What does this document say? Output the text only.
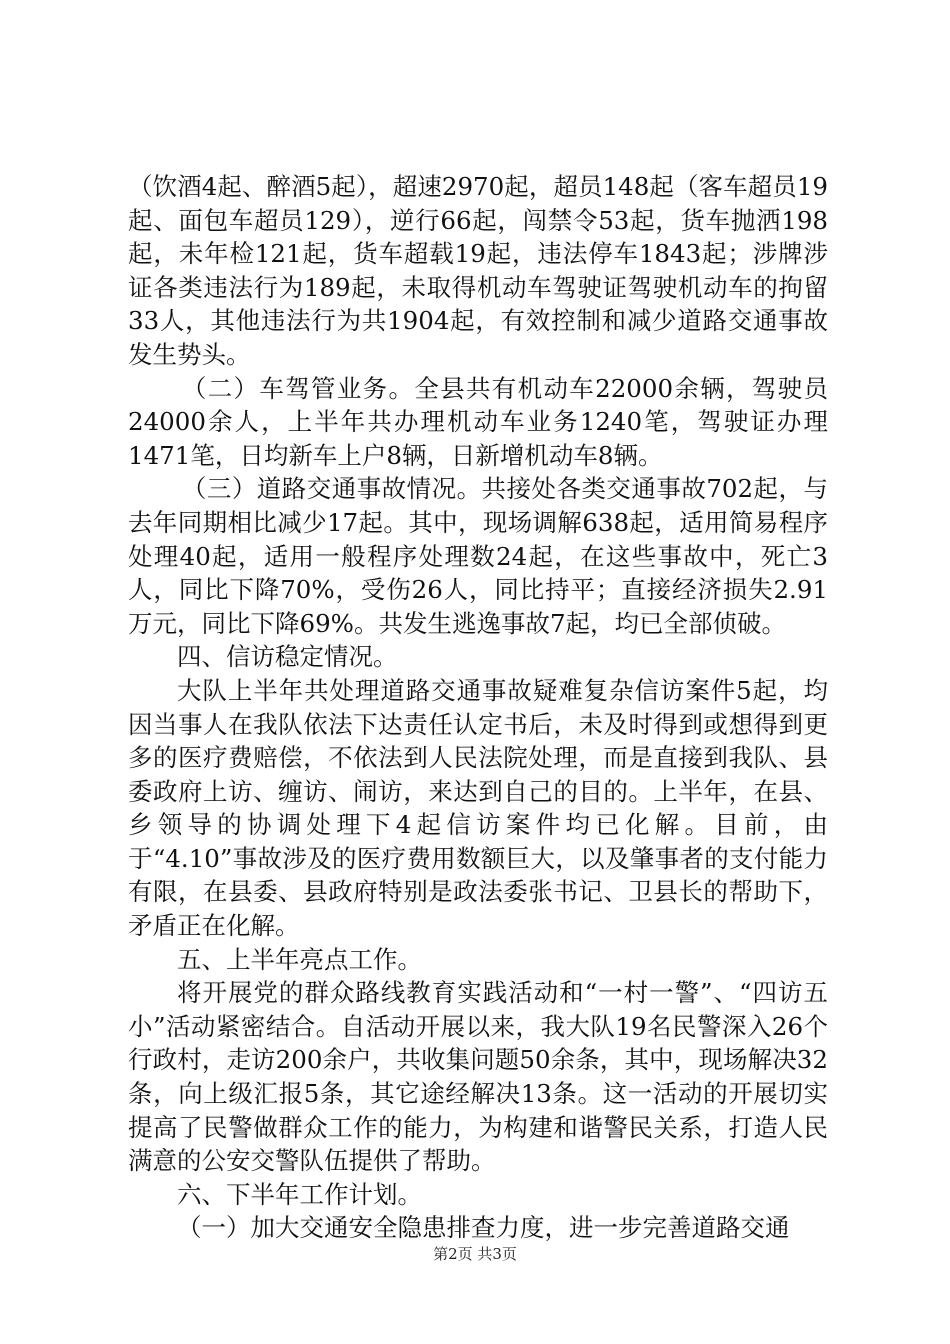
（饮酒4起、醉酒5起），超速2970起，超员148起（客车超员19起、面包车超员129），逆行66起，闯禁令53起，货车抛洒198起，未年检121起，货车超载19起，违法停车1843起；涉牌涉证各类违法行为189起，未取得机动车驾驶证驾驶机动车的拘留33人，其他违法行为共1904起，有效控制和减少道路交通事故发生势头。

（二）车驾管业务。全县共有机动车22000余辆，驾驶员24000余人，上半年共办理机动车业务1240笔，驾驶证办理1471笔，日均新车上户8辆，日新增机动车8辆。

（三）道路交通事故情况。共接处各类交通事故702起，与去年同期相比减少17起。其中，现场调解638起，适用简易程序处理40起，适用一般程序处理数24起，在这些事故中，死亡3人，同比下降70%，受伤26人，同比持平；直接经济损失2.91万元，同比下降69%。共发生逃逸事故7起，均已全部侦破。

四、信访稳定情况。

大队上半年共处理道路交通事故疑难复杂信访案件5起，均因当事人在我队依法下达责任认定书后，未及时得到或想得到更多的医疗费赔偿，不依法到人民法院处理，而是直接到我队、县委政府上访、缠访、闹访，来达到自己的目的。上半年，在县、乡领导的协调处理下4起信访案件均已化解。目前，由于“4.10”事故涉及的医疗费用数额巨大，以及肇事者的支付能力有限，在县委、县政府特别是政法委张书记、卫县长的帮助下，矛盾正在化解。

五、上半年亮点工作。

将开展党的群众路线教育实践活动和“一村一警”、“四访五小”活动紧密结合。自活动开展以来，我大队19名民警深入26个行政村，走访200余户，共收集问题50余条，其中，现场解决32条，向上级汇报5条，其它途经解决13条。这一活动的开展切实提高了民警做群众工作的能力，为构建和谐警民关系，打造人民满意的公安交警队伍提供了帮助。

六、下半年工作计划。

（一）加大交通安全隐患排查力度，进一步完善道路交通

第2页 共3页
